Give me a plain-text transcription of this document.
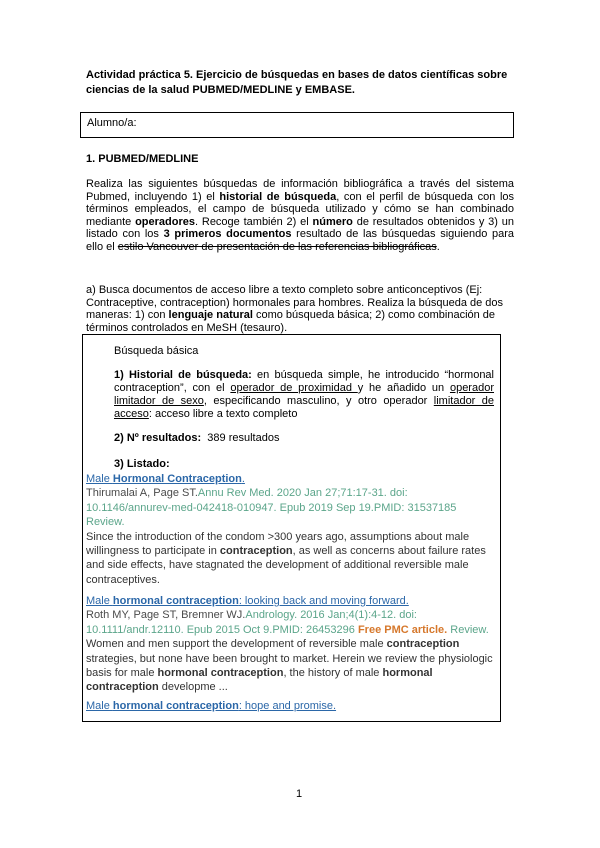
Actividad práctica 5. Ejercicio de búsquedas en bases de datos científicas sobre ciencias de la salud PUBMED/MEDLINE y EMBASE.
Alumno/a:
1. PUBMED/MEDLINE
Realiza las siguientes búsquedas de información bibliográfica a través del sistema Pubmed, incluyendo 1) el historial de búsqueda, con el perfil de búsqueda con los términos empleados, el campo de búsqueda utilizado y cómo se han combinado mediante operadores. Recoge también 2) el número de resultados obtenidos y 3) un listado con los 3 primeros documentos resultado de las búsquedas siguiendo para ello el estilo Vancouver de presentación de las referencias bibliográficas.
a) Busca documentos de acceso libre a texto completo sobre anticonceptivos (Ej: Contraceptive, contraception) hormonales para hombres. Realiza la búsqueda de dos maneras: 1) con lenguaje natural como búsqueda básica; 2) como combinación de términos controlados en MeSH (tesauro).
Búsqueda básica
1) Historial de búsqueda: en búsqueda simple, he introducido “hormonal contraception”, con el operador de proximidad y he añadido un operador limitador de sexo, especificando masculino, y otro operador limitador de acceso: acceso libre a texto completo
2) Nº resultados: 389 resultados
3) Listado:
Male Hormonal Contraception.
Thirumalai A, Page ST.Annu Rev Med. 2020 Jan 27;71:17-31. doi: 10.1146/annurev-med-042418-010947. Epub 2019 Sep 19.PMID: 31537185 Review.
Since the introduction of the condom >300 years ago, assumptions about male willingness to participate in contraception, as well as concerns about failure rates and side effects, have stagnated the development of additional reversible male contraceptives.
Male hormonal contraception: looking back and moving forward.
Roth MY, Page ST, Bremner WJ.Andrology. 2016 Jan;4(1):4-12. doi: 10.1111/andr.12110. Epub 2015 Oct 9.PMID: 26453296 Free PMC article. Review.
Women and men support the development of reversible male contraception strategies, but none have been brought to market. Herein we review the physiologic basis for male hormonal contraception, the history of male hormonal contraception developme ...
Male hormonal contraception: hope and promise.
1
